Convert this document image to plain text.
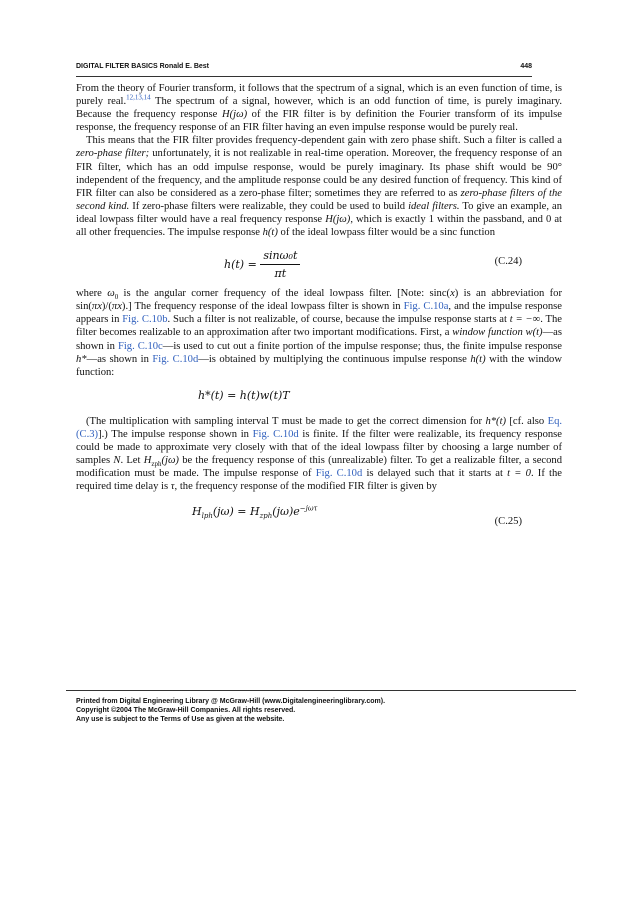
DIGITAL FILTER BASICS Ronald E. Best	448

From the theory of Fourier transform, it follows that the spectrum of a signal, which is an even function of time, is purely real.$^{12,13,14}$ The spectrum of a signal, however, which is an odd function of time, is purely imaginary. Because the frequency response H(jω) of the FIR filter is by definition the Fourier transform of its impulse response, the frequency response of an FIR filter having an even impulse response would be purely real.

This means that the FIR filter provides frequency-dependent gain with zero phase shift. Such a filter is called a zero-phase filter; unfortunately, it is not realizable in real-time operation. Moreover, the frequency response of an FIR filter, which has an odd impulse response, would be purely imaginary. Its phase shift would be 90° independent of the frequency, and the amplitude response could be any desired function of frequency. This kind of FIR filter can also be considered as a zero-phase filter; sometimes they are referred to as zero-phase filters of the second kind. If zero-phase filters were realizable, they could be used to build ideal filters. To give an example, an ideal lowpass filter would have a real frequency response H(jω), which is exactly 1 within the passband, and 0 at all other frequencies. The impulse response h(t) of the ideal lowpass filter would be a sinc function

$h(t) = \frac{\text{sinω₀t}}{\pi t}$	(C.24)

where $\omega_0$ is the angular corner frequency of the ideal lowpass filter. [Note: sinc(x) is an abbreviation for sin(πx)/(πx).] The frequency response of the ideal lowpass filter is shown in Fig. C.10a, and the impulse response appears in Fig. C.10b. Such a filter is not realizable, of course, because the impulse response starts at t = −∞. The filter becomes realizable to an approximation after two important modifications. First, a window function w(t)—as shown in Fig. C.10c—is used to cut out a finite portion of the impulse response; thus, the finite impulse response h*—as shown in Fig. C.10d—is obtained by multiplying the continuous impulse response h(t) with the window function:

h*(t) = h(t)w(t)T

(The multiplication with sampling interval T must be made to get the correct dimension for h*(t) [cf. also Eq. (C.3)].) The impulse response shown in Fig. C.10d is finite. If the filter were realizable, its frequency response could be made to approximate very closely with that of the ideal lowpass filter by choosing a large number of samples N. Let $H_{zph}(j\omega)$ be the frequency response of this (unrealizable) filter. To get a realizable filter, a second modification must be made. The impulse response of Fig. C.10d is delayed such that it starts at t = 0. If the required time delay is τ, the frequency response of the modified FIR filter is given by

$H_{lph}(j\omega) = H_{zph}(j\omega)e^{-j\omega\tau}$
(C.25)
Printed from Digital Engineering Library @ McGraw-Hill (www.Digitalengineeringlibrary.com).
Copyright ©2004 The McGraw-Hill Companies. All rights reserved.
Any use is subject to the Terms of Use as given at the website.
